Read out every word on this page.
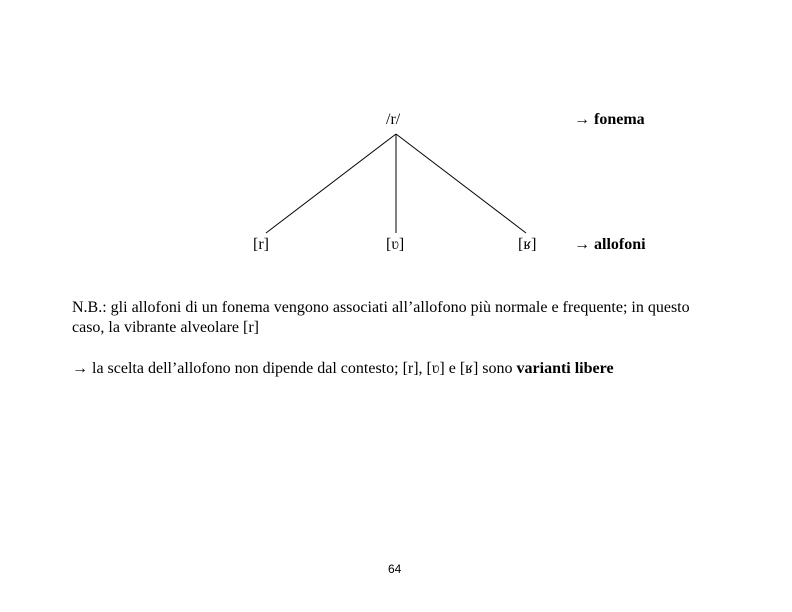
/r/	→ fonema
[r]	[ʋ]	[ʁ] → allofoni
N.B.: gli allofoni di un fonema vengono associati all’allofono più normale e frequente; in questo caso, la vibrante alveolare [r]
→ la scelta dell’allofono non dipende dal contesto; [r], [ʋ] e [ʁ] sono varianti libere
64
